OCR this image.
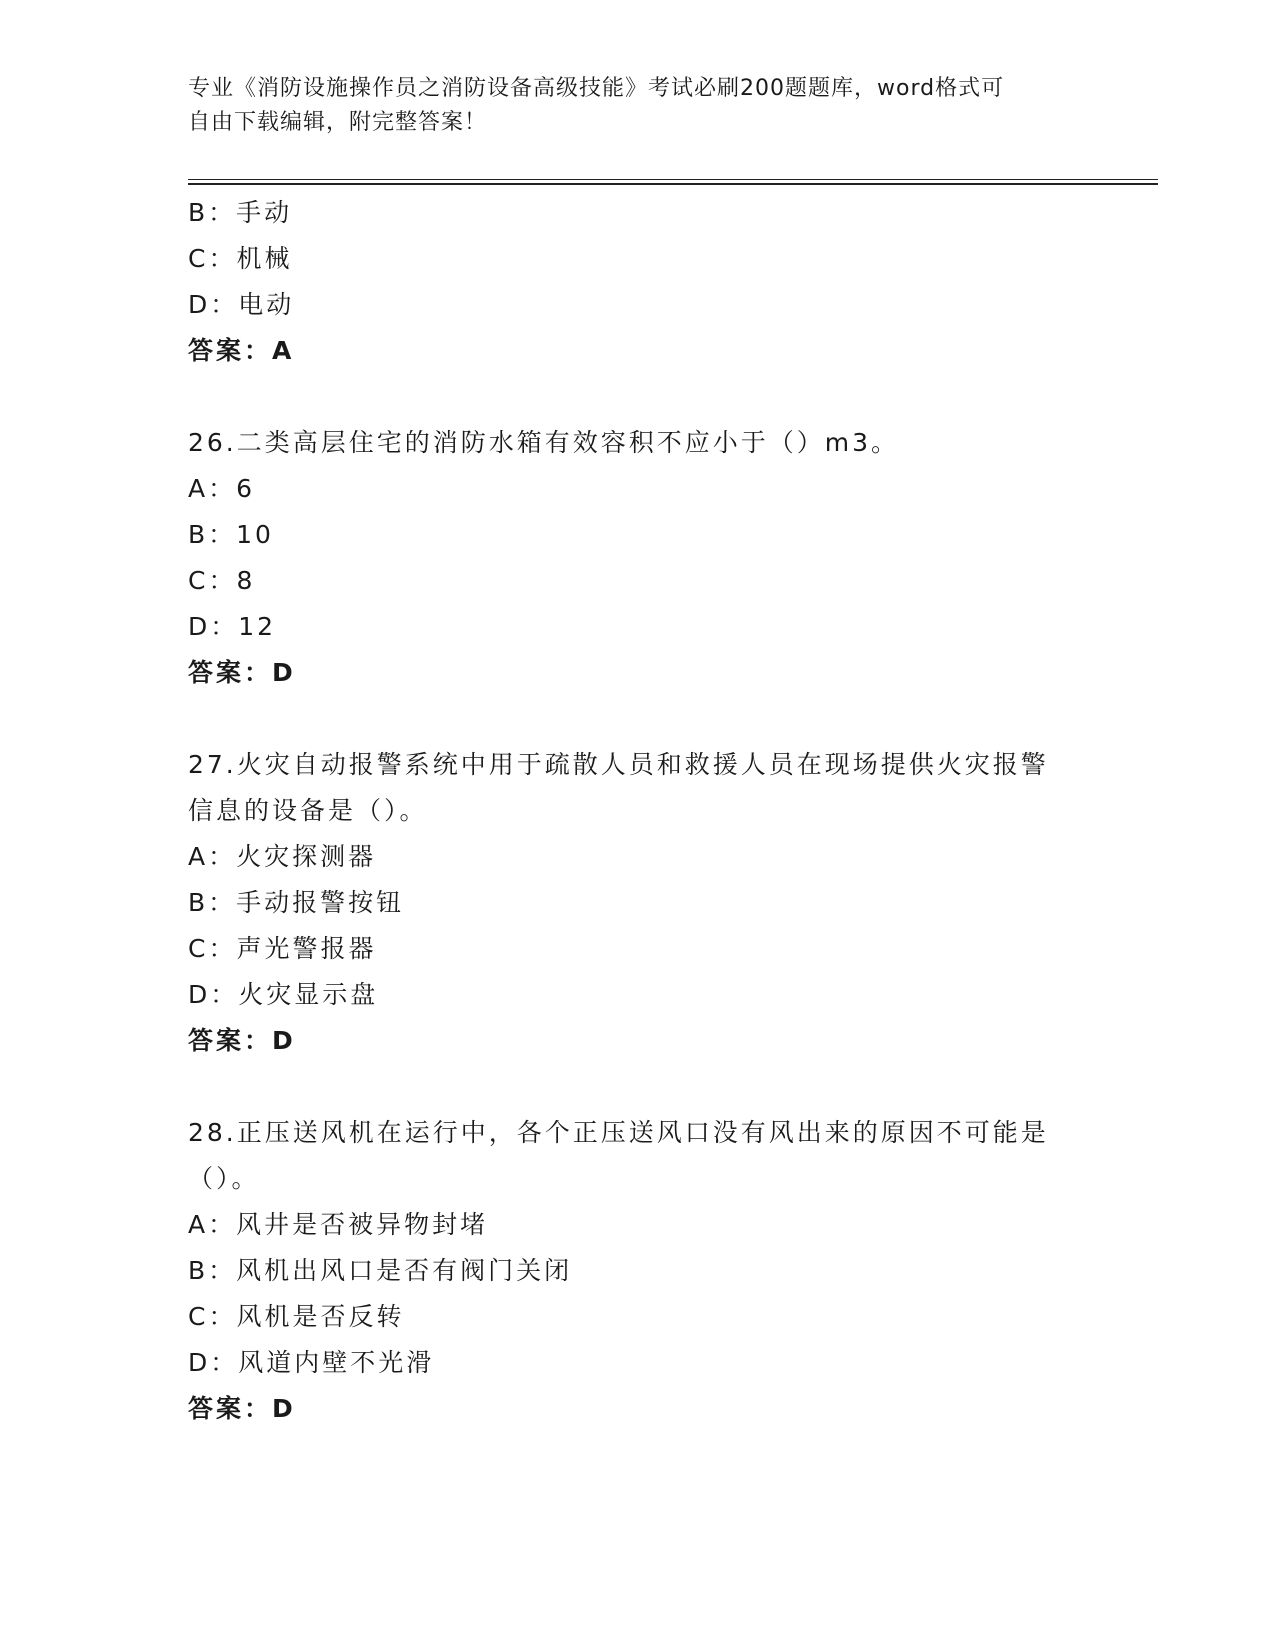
专业《消防设施操作员之消防设备高级技能》考试必刷200题题库，word格式可
自由下载编辑，附完整答案！
B：手动
C：机械
D：电动
答案：A
26.二类高层住宅的消防水箱有效容积不应小于（）m3。
A：6
B：10
C：8
D：12
答案：D
27.火灾自动报警系统中用于疏散人员和救援人员在现场提供火灾报警
信息的设备是（）。
A：火灾探测器
B：手动报警按钮
C：声光警报器
D：火灾显示盘
答案：D
28.正压送风机在运行中，各个正压送风口没有风出来的原因不可能是
（）。
A：风井是否被异物封堵
B：风机出风口是否有阀门关闭
C：风机是否反转
D：风道内壁不光滑
答案：D
